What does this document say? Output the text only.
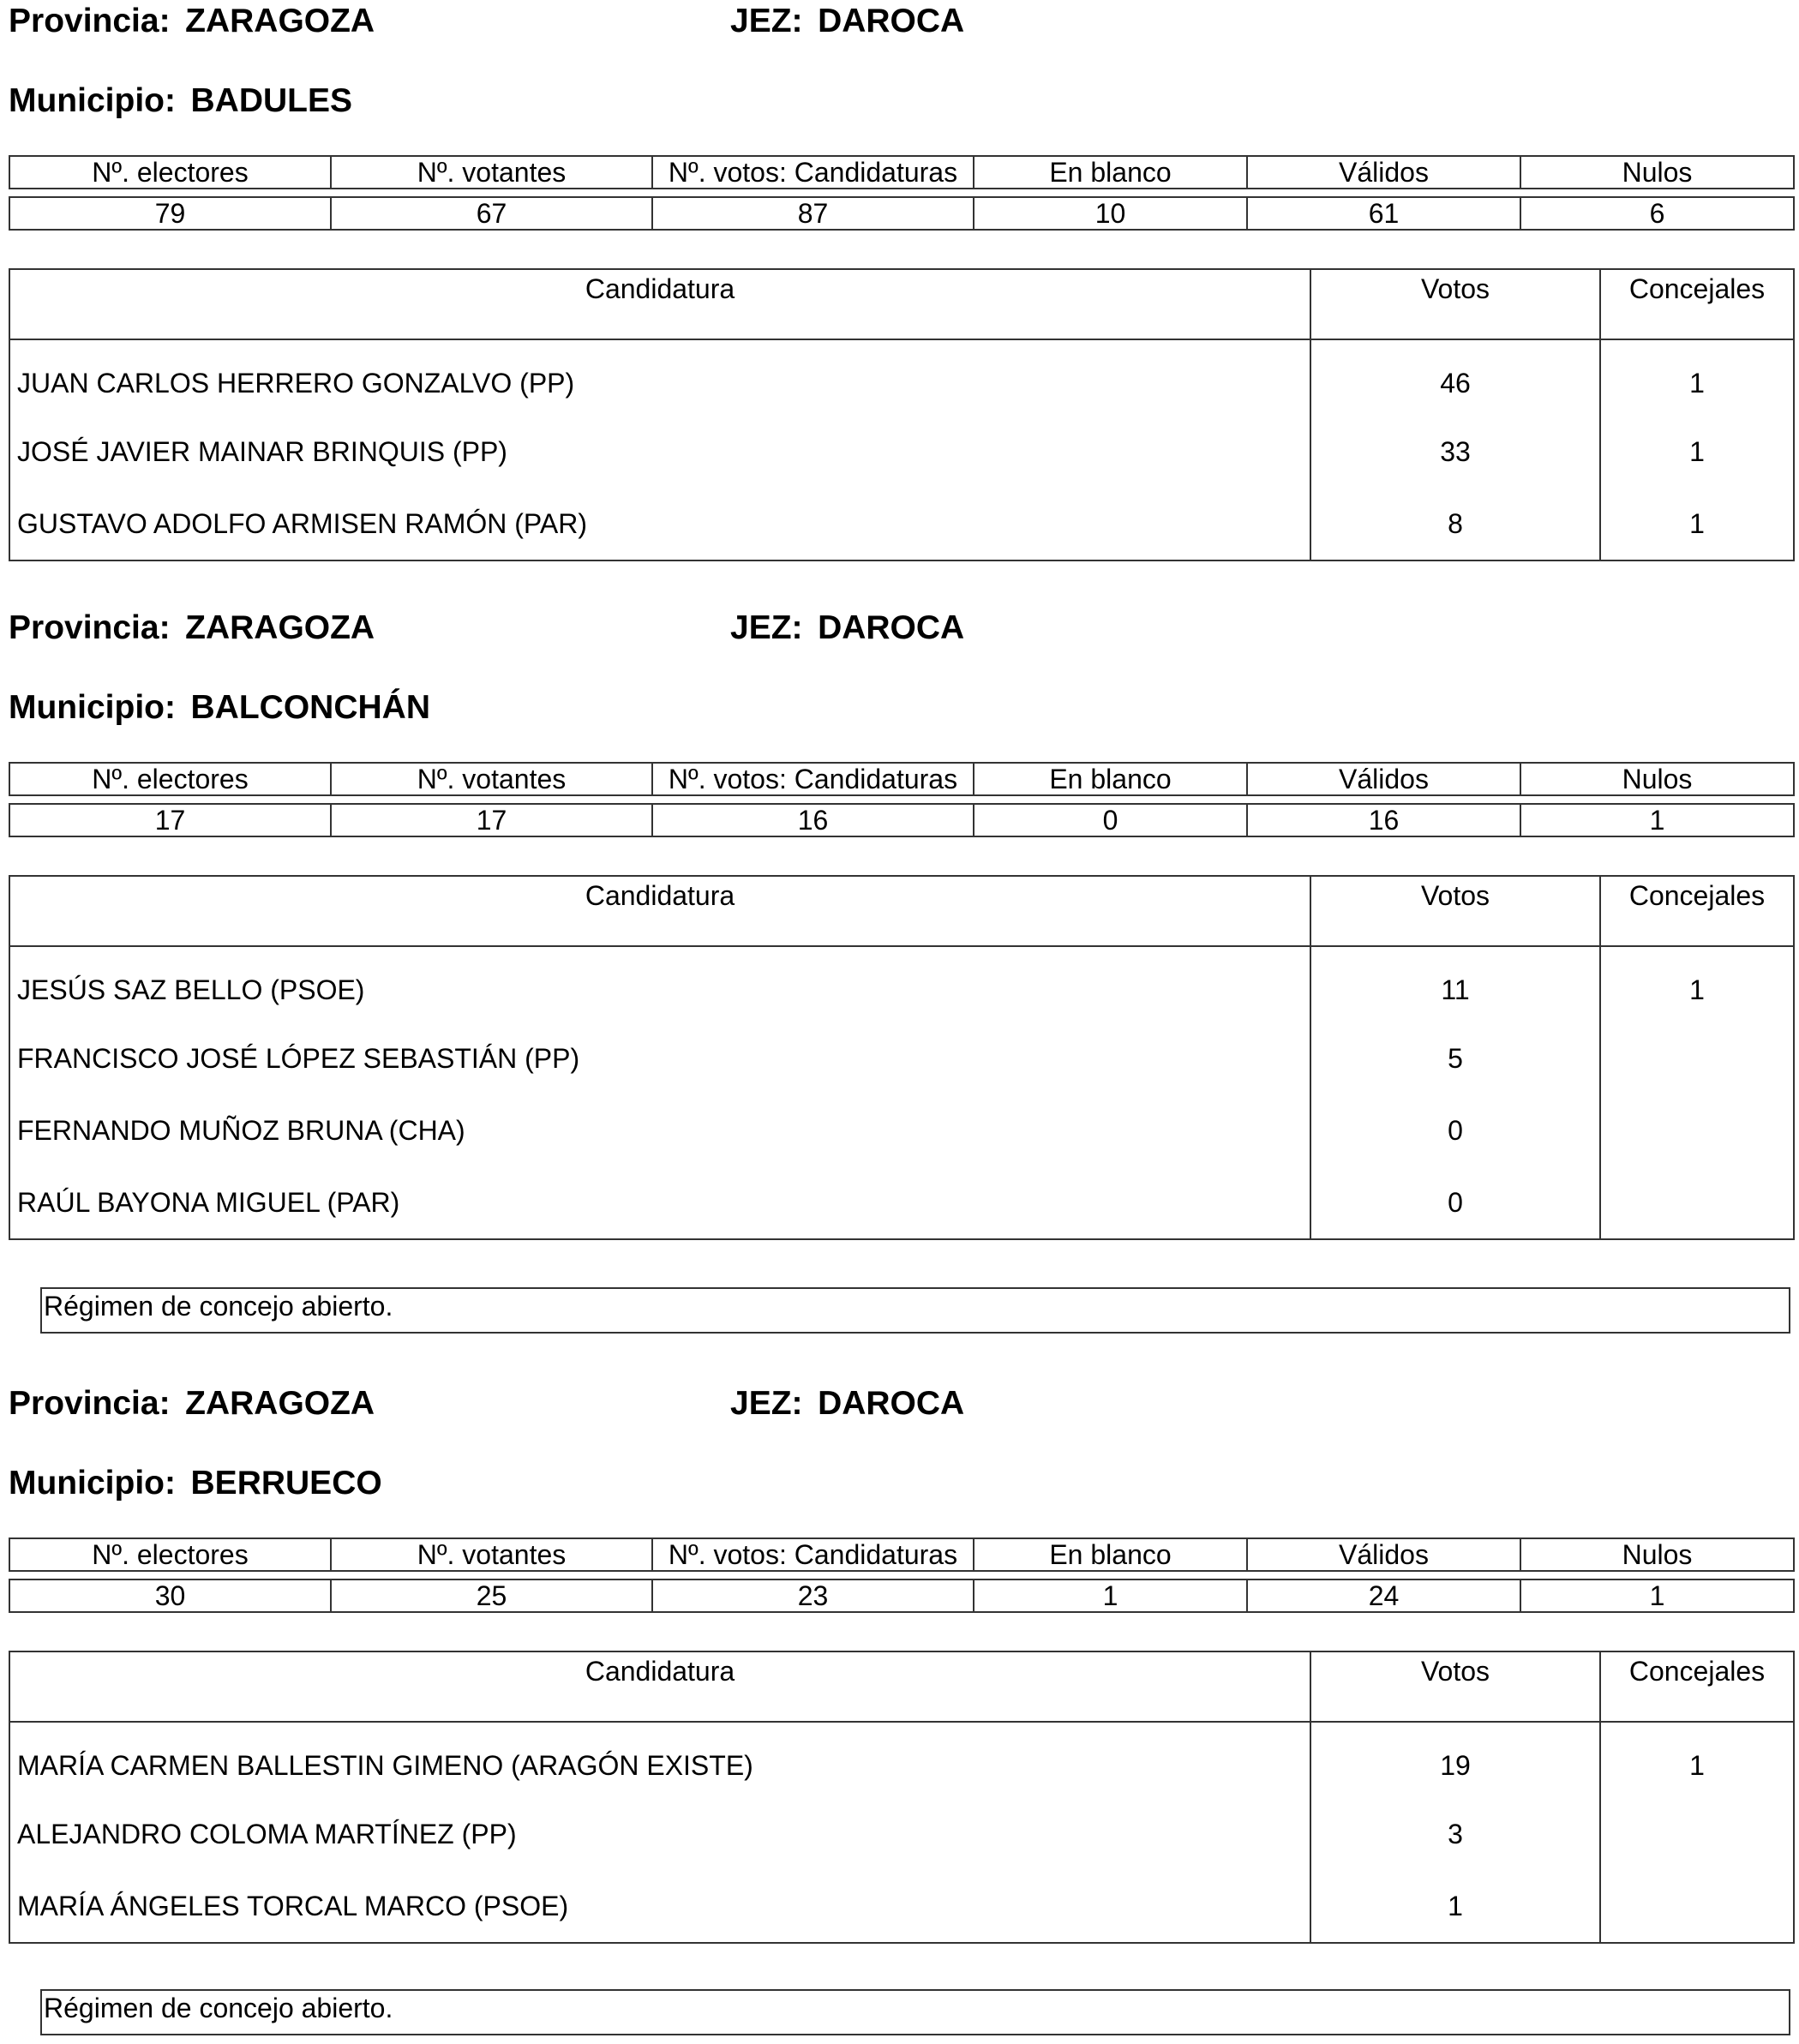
Provincia: ZARAGOZA	JEZ: DAROCA
Municipio: BADULES
Nº. electores	Nº. votantes	Nº. votos: Candidaturas	En blanco	Válidos	Nulos

79	67	87	10	61	6
Candidatura	Votos	Concejales
JUAN CARLOS HERRERO GONZALVO (PP)	46	1
JOSÉ JAVIER MAINAR BRINQUIS (PP)	33	1
GUSTAVO ADOLFO ARMISEN RAMÓN (PAR)	8	1
Provincia: ZARAGOZA	JEZ: DAROCA
Municipio: BALCONCHÁN
Nº. electores	Nº. votantes	Nº. votos: Candidaturas	En blanco	Válidos	Nulos

17	17	16	0	16	1
Candidatura	Votos	Concejales
JESÚS SAZ BELLO (PSOE)	11	1
FRANCISCO JOSÉ LÓPEZ SEBASTIÁN (PP)	5	
FERNANDO MUÑOZ BRUNA (CHA)	0	
RAÚL BAYONA MIGUEL (PAR)	0	
Régimen de concejo abierto.
Provincia: ZARAGOZA	JEZ: DAROCA
Municipio: BERRUECO
Nº. electores	Nº. votantes	Nº. votos: Candidaturas	En blanco	Válidos	Nulos

30	25	23	1	24	1
Candidatura	Votos	Concejales
MARÍA CARMEN BALLESTIN GIMENO (ARAGÓN EXISTE)	19	1
ALEJANDRO COLOMA MARTÍNEZ (PP)	3	
MARÍA ÁNGELES TORCAL MARCO (PSOE)	1	
Régimen de concejo abierto.
